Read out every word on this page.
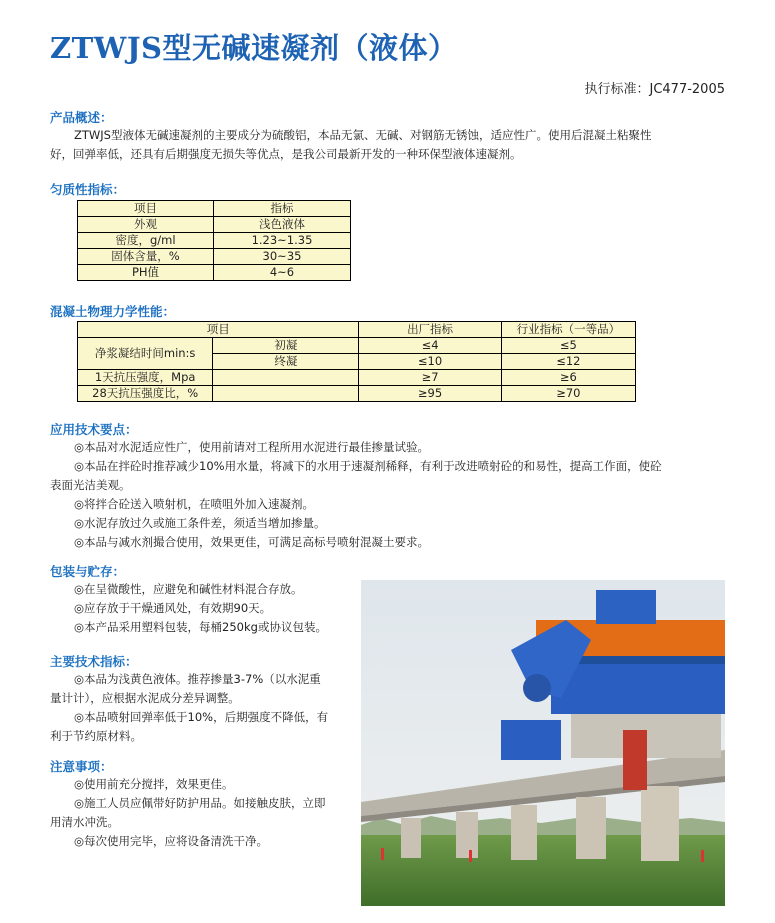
ZTWJS型无碱速凝剂（液体）
执行标准：JC477-2005
产品概述：
ZTWJS型液体无碱速凝剂的主要成分为硫酸铝，本品无氯、无碱、对钢筋无锈蚀，适应性广。使用后混凝土粘聚性
好，回弹率低，还具有后期强度无损失等优点，是我公司最新开发的一种环保型液体速凝剂。
匀质性指标：
项目	指标
外观	浅色液体
密度，g/ml	1.23~1.35
固体含量，%	30~35
PH值	4~6
混凝土物理力学性能：
项目		出厂指标	行业指标（一等品）
净浆凝结时间min:s	初凝	≤4	≤5
	终凝	≤10	≤12
1天抗压强度，Mpa		≥7	≥6
28天抗压强度比，%		≥95	≥70
应用技术要点：
◎本品对水泥适应性广，使用前请对工程所用水泥进行最佳掺量试验。
◎本品在拌砼时推荐减少10%用水量，将减下的水用于速凝剂稀释，有利于改进喷射砼的和易性，提高工作面，使砼
表面光洁美观。
◎将拌合砼送入喷射机，在喷咀外加入速凝剂。
◎水泥存放过久或施工条件差，须适当增加掺量。
◎本品与减水剂撮合使用，效果更佳，可满足高标号喷射混凝土要求。
包装与贮存：
◎在呈微酸性，应避免和碱性材料混合存放。
◎应存放于干燥通风处，有效期90天。
◎本产品采用塑料包装，每桶250kg或协议包装。
主要技术指标：
◎本品为浅黄色液体。推荐掺量3-7%（以水泥重
量计计），应根据水泥成分差异调整。
◎本品喷射回弹率低于10%，后期强度不降低，有
利于节约原材料。
注意事项：
◎使用前充分搅拌，效果更佳。
◎施工人员应佩带好防护用品。如接触皮肤，立即
用清水冲洗。
◎每次使用完毕，应将设备清洗干净。
